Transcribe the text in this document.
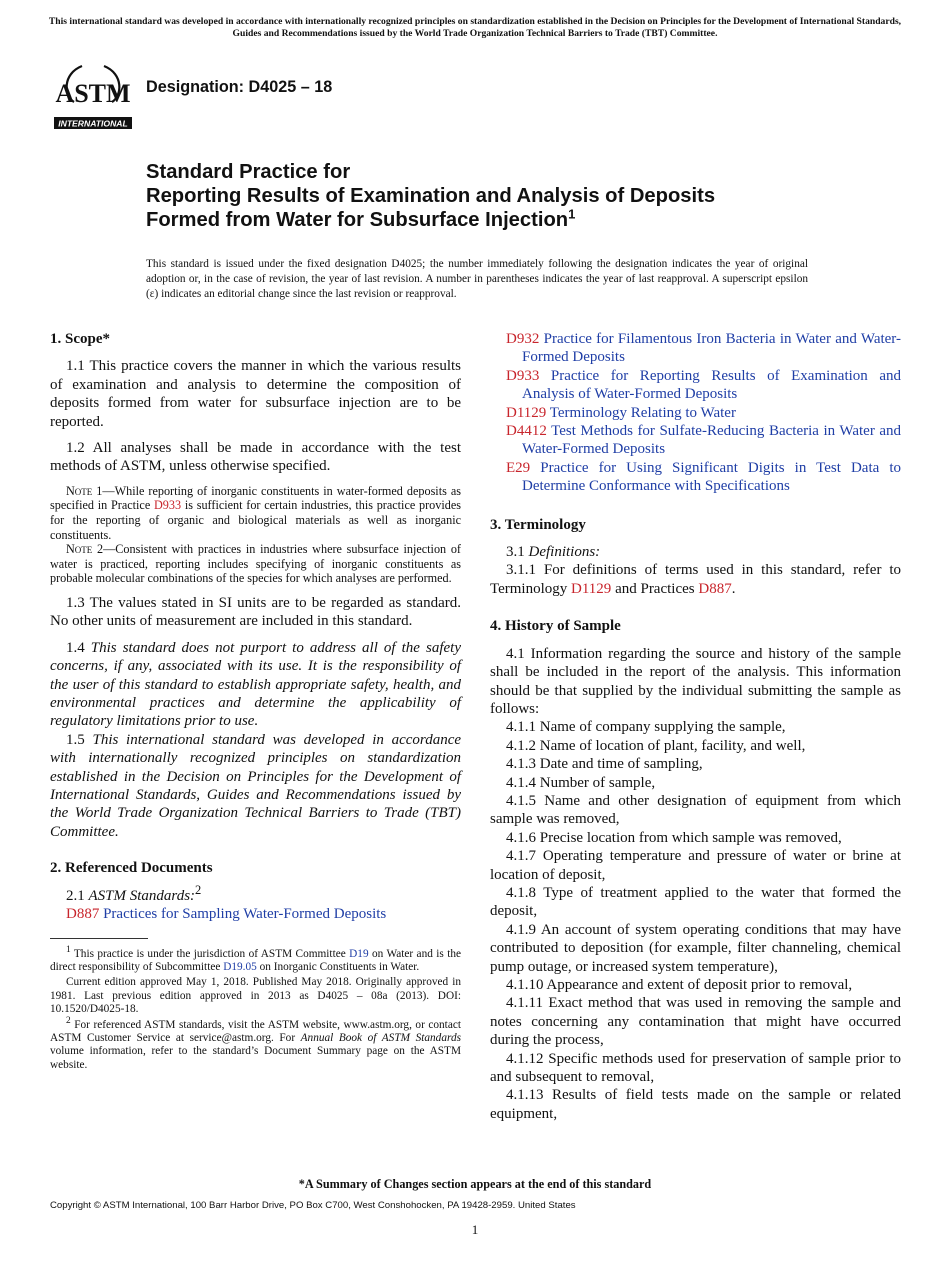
This international standard was developed in accordance with internationally recognized principles on standardization established in the Decision on Principles for the Development of International Standards, Guides and Recommendations issued by the World Trade Organization Technical Barriers to Trade (TBT) Committee.
ASTM
INTERNATIONAL
Designation: D4025 – 18
Standard Practice for
Reporting Results of Examination and Analysis of Deposits
Formed from Water for Subsurface Injection$^1$
This standard is issued under the fixed designation D4025; the number immediately following the designation indicates the year of original adoption or, in the case of revision, the year of last revision. A number in parentheses indicates the year of last reapproval. A superscript epsilon (ε) indicates an editorial change since the last revision or reapproval.
1. Scope*

1.1 This practice covers the manner in which the various results of examination and analysis to determine the composition of deposits formed from water for subsurface injection are to be reported.

1.2 All analyses shall be made in accordance with the test methods of ASTM, unless otherwise specified.

Note 1—While reporting of inorganic constituents in water-formed deposits as specified in Practice D933 is sufficient for certain industries, this practice provides for the reporting of organic and biological materials as well as inorganic constituents.

Note 2—Consistent with practices in industries where subsurface injection of water is practiced, reporting includes specifying of inorganic constituents as probable molecular combinations of the species for which analyses are performed.

1.3 The values stated in SI units are to be regarded as standard. No other units of measurement are included in this standard.

1.4 This standard does not purport to address all of the safety concerns, if any, associated with its use. It is the responsibility of the user of this standard to establish appropriate safety, health, and environmental practices and determine the applicability of regulatory limitations prior to use.

1.5 This international standard was developed in accordance with internationally recognized principles on standardization established in the Decision on Principles for the Development of International Standards, Guides and Recommendations issued by the World Trade Organization Technical Barriers to Trade (TBT) Committee.

2. Referenced Documents

2.1 ASTM Standards:$^2$

D887 Practices for Sampling Water-Formed Deposits

$^1$ This practice is under the jurisdiction of ASTM Committee D19 on Water and is the direct responsibility of Subcommittee D19.05 on Inorganic Constituents in Water.

Current edition approved May 1, 2018. Published May 2018. Originally approved in 1981. Last previous edition approved in 2013 as D4025 – 08a (2013). DOI: 10.1520/D4025-18.

$^2$ For referenced ASTM standards, visit the ASTM website, www.astm.org, or contact ASTM Customer Service at service@astm.org. For Annual Book of ASTM Standards volume information, refer to the standard’s Document Summary page on the ASTM website.

D932 Practice for Filamentous Iron Bacteria in Water and Water-Formed Deposits

D933 Practice for Reporting Results of Examination and Analysis of Water-Formed Deposits

D1129 Terminology Relating to Water

D4412 Test Methods for Sulfate-Reducing Bacteria in Water and Water-Formed Deposits

E29 Practice for Using Significant Digits in Test Data to Determine Conformance with Specifications

3. Terminology

3.1 Definitions:

3.1.1 For definitions of terms used in this standard, refer to Terminology D1129 and Practices D887.

4. History of Sample

4.1 Information regarding the source and history of the sample shall be included in the report of the analysis. This information should be that supplied by the individual submitting the sample as follows:

4.1.1 Name of company supplying the sample,

4.1.2 Name of location of plant, facility, and well,

4.1.3 Date and time of sampling,

4.1.4 Number of sample,

4.1.5 Name and other designation of equipment from which sample was removed,

4.1.6 Precise location from which sample was removed,

4.1.7 Operating temperature and pressure of water or brine at location of deposit,

4.1.8 Type of treatment applied to the water that formed the deposit,

4.1.9 An account of system operating conditions that may have contributed to deposition (for example, filter channeling, chemical pump outage, or increased system temperature),

4.1.10 Appearance and extent of deposit prior to removal,

4.1.11 Exact method that was used in removing the sample and notes concerning any contamination that might have occurred during the process,

4.1.12 Specific methods used for preservation of sample prior to and subsequent to removal,

4.1.13 Results of field tests made on the sample or related equipment,

*A Summary of Changes section appears at the end of this standard
Copyright © ASTM International, 100 Barr Harbor Drive, PO Box C700, West Conshohocken, PA 19428-2959. United States
1
